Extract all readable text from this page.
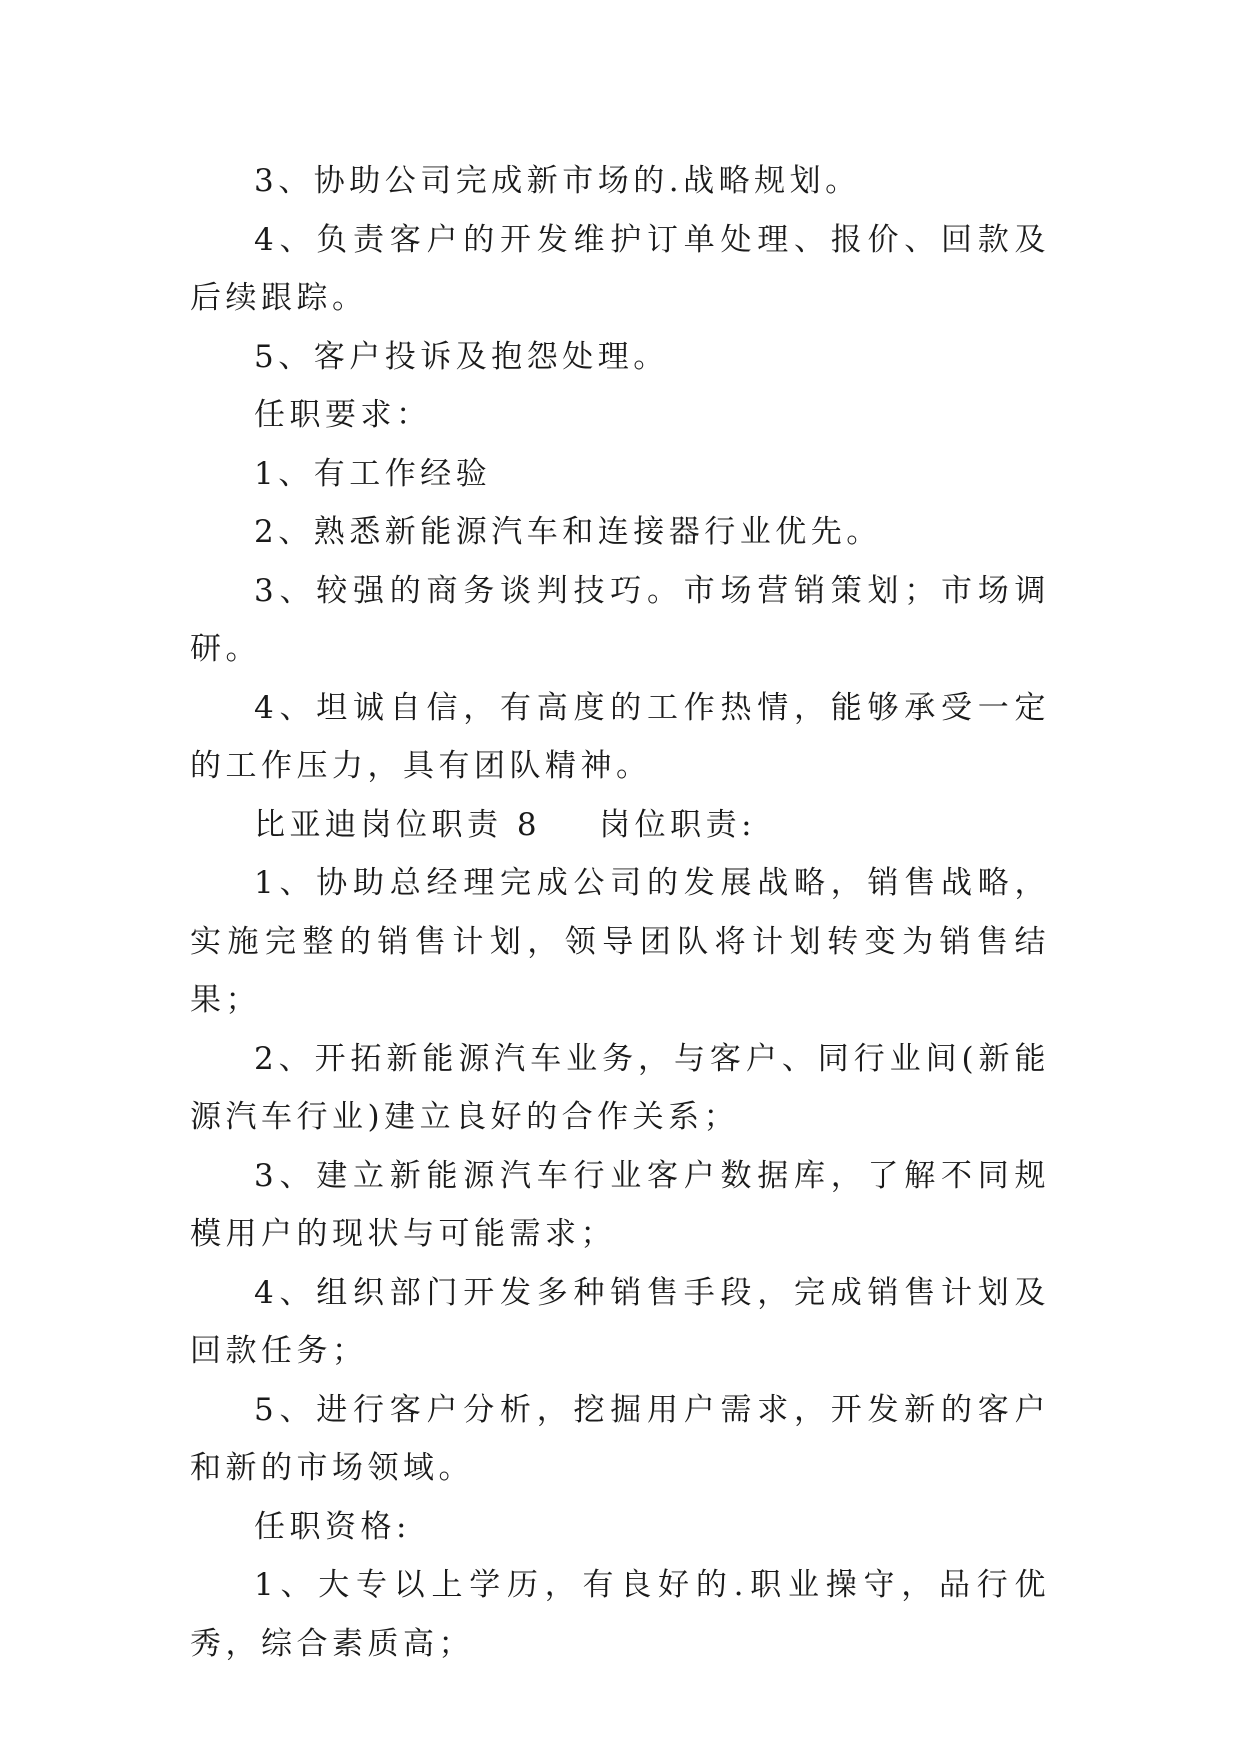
3、协助公司完成新市场的.战略规划。

4、负责客户的开发维护订单处理、报价、回款及后续跟踪。

5、客户投诉及抱怨处理。

任职要求：

1、有工作经验

2、熟悉新能源汽车和连接器行业优先。

3、较强的商务谈判技巧。市场营销策划；市场调研。

4、坦诚自信，有高度的工作热情，能够承受一定的工作压力，具有团队精神。

比亚迪岗位职责 8 岗位职责:

1、协助总经理完成公司的发展战略，销售战略，实施完整的销售计划，领导团队将计划转变为销售结果；

2、开拓新能源汽车业务，与客户、同行业间(新能源汽车行业)建立良好的合作关系；

3、建立新能源汽车行业客户数据库，了解不同规模用户的现状与可能需求；

4、组织部门开发多种销售手段，完成销售计划及回款任务；

5、进行客户分析，挖掘用户需求，开发新的客户和新的市场领域。

任职资格:

1、大专以上学历，有良好的.职业操守，品行优秀，综合素质高；
